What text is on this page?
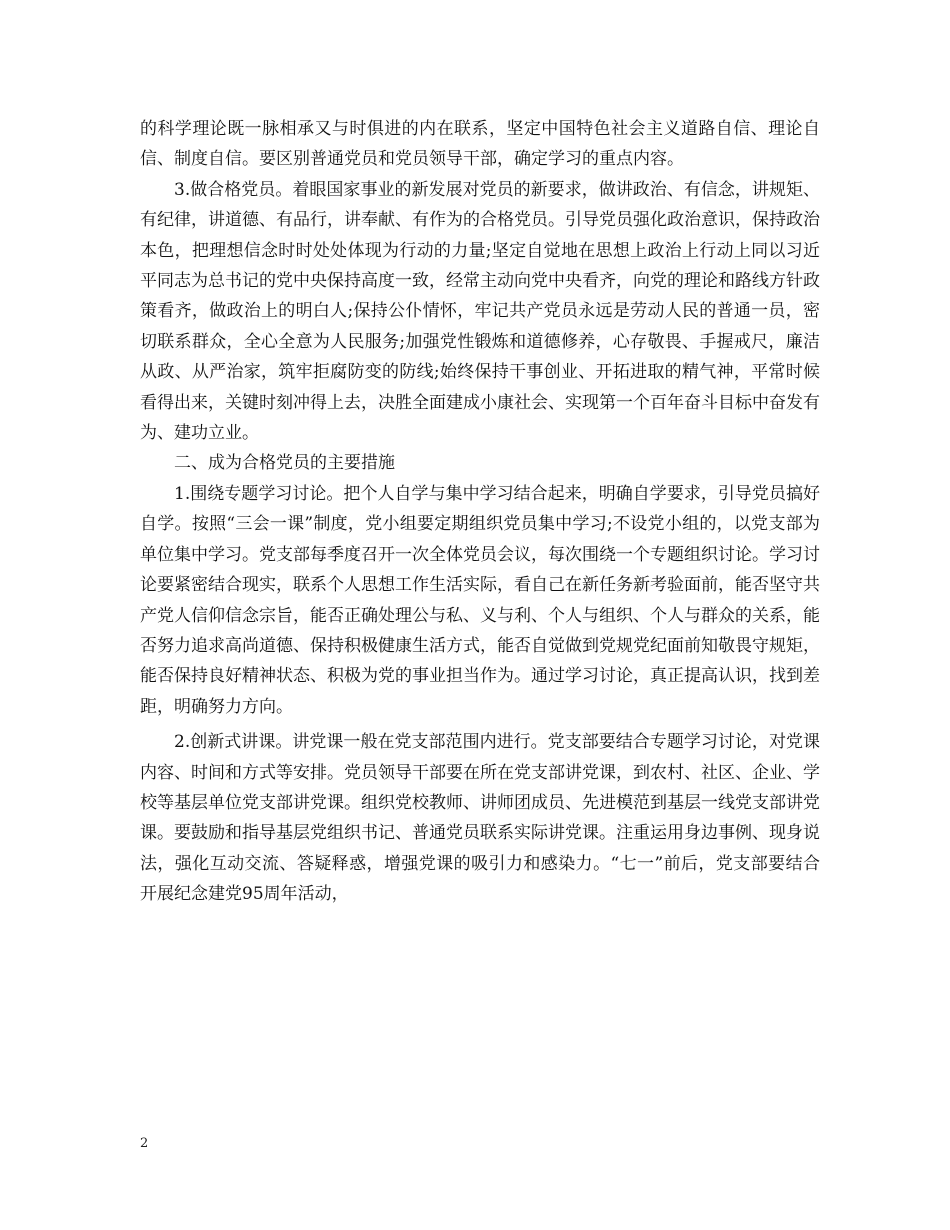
的科学理论既一脉相承又与时俱进的内在联系，坚定中国特色社会主义道路自信、理论自信、制度自信。要区别普通党员和党员领导干部，确定学习的重点内容。

3.做合格党员。着眼国家事业的新发展对党员的新要求，做讲政治、有信念，讲规矩、有纪律，讲道德、有品行，讲奉献、有作为的合格党员。引导党员强化政治意识，保持政治本色，把理想信念时时处处体现为行动的力量;坚定自觉地在思想上政治上行动上同以习近平同志为总书记的党中央保持高度一致，经常主动向党中央看齐，向党的理论和路线方针政策看齐，做政治上的明白人;保持公仆情怀，牢记共产党员永远是劳动人民的普通一员，密切联系群众，全心全意为人民服务;加强党性锻炼和道德修养，心存敬畏、手握戒尺，廉洁从政、从严治家，筑牢拒腐防变的防线;始终保持干事创业、开拓进取的精气神，平常时候看得出来，关键时刻冲得上去，决胜全面建成小康社会、实现第一个百年奋斗目标中奋发有为、建功立业。

二、成为合格党员的主要措施

1.围绕专题学习讨论。把个人自学与集中学习结合起来，明确自学要求，引导党员搞好自学。按照“三会一课”制度，党小组要定期组织党员集中学习;不设党小组的，以党支部为单位集中学习。党支部每季度召开一次全体党员会议，每次围绕一个专题组织讨论。学习讨论要紧密结合现实，联系个人思想工作生活实际，看自己在新任务新考验面前，能否坚守共产党人信仰信念宗旨，能否正确处理公与私、义与利、个人与组织、个人与群众的关系，能否努力追求高尚道德、保持积极健康生活方式，能否自觉做到党规党纪面前知敬畏守规矩，能否保持良好精神状态、积极为党的事业担当作为。通过学习讨论，真正提高认识，找到差距，明确努力方向。

2.创新式讲课。讲党课一般在党支部范围内进行。党支部要结合专题学习讨论，对党课内容、时间和方式等安排。党员领导干部要在所在党支部讲党课，到农村、社区、企业、学校等基层单位党支部讲党课。组织党校教师、讲师团成员、先进模范到基层一线党支部讲党课。要鼓励和指导基层党组织书记、普通党员联系实际讲党课。注重运用身边事例、现身说法，强化互动交流、答疑释惑，增强党课的吸引力和感染力。“七一”前后，党支部要结合开展纪念建党95周年活动，

2
